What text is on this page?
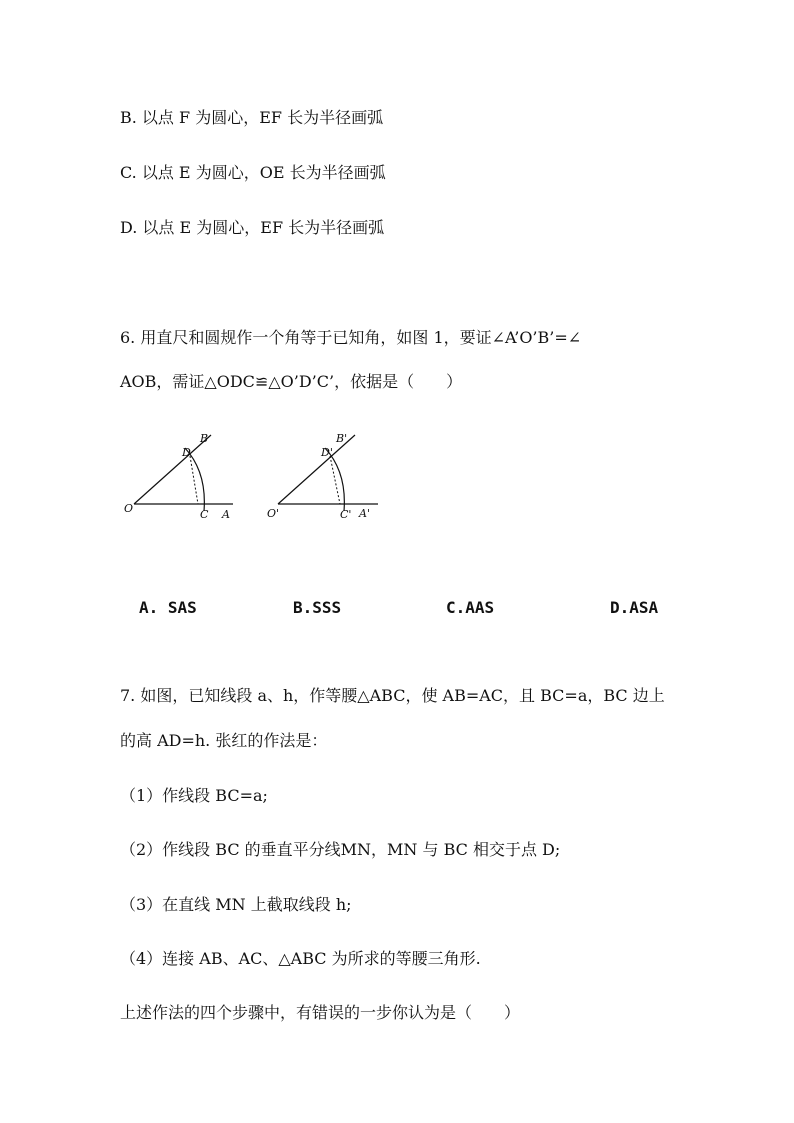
B. 以点 F 为圆心，EF 长为半径画弧
C. 以点 E 为圆心，OE 长为半径画弧
D. 以点 E 为圆心，EF 长为半径画弧
6. 用直尺和圆规作一个角等于已知角，如图 1，要证∠A’O’B’=∠
AOB，需证△ODC≌△O’D’C’，依据是（　　）
O	C A
D
B
O'	C' A'
D'
B'
A. SAS	B.SSS	C.AAS	D.ASA
7. 如图，已知线段 a、h，作等腰△ABC，使 AB=AC，且 BC=a，BC 边上
的高 AD=h. 张红的作法是：
（1）作线段 BC=a;
（2）作线段 BC 的垂直平分线MN，MN 与 BC 相交于点 D;
（3）在直线 MN 上截取线段 h;
（4）连接 AB、AC、△ABC 为所求的等腰三角形.
上述作法的四个步骤中，有错误的一步你认为是（　　）
